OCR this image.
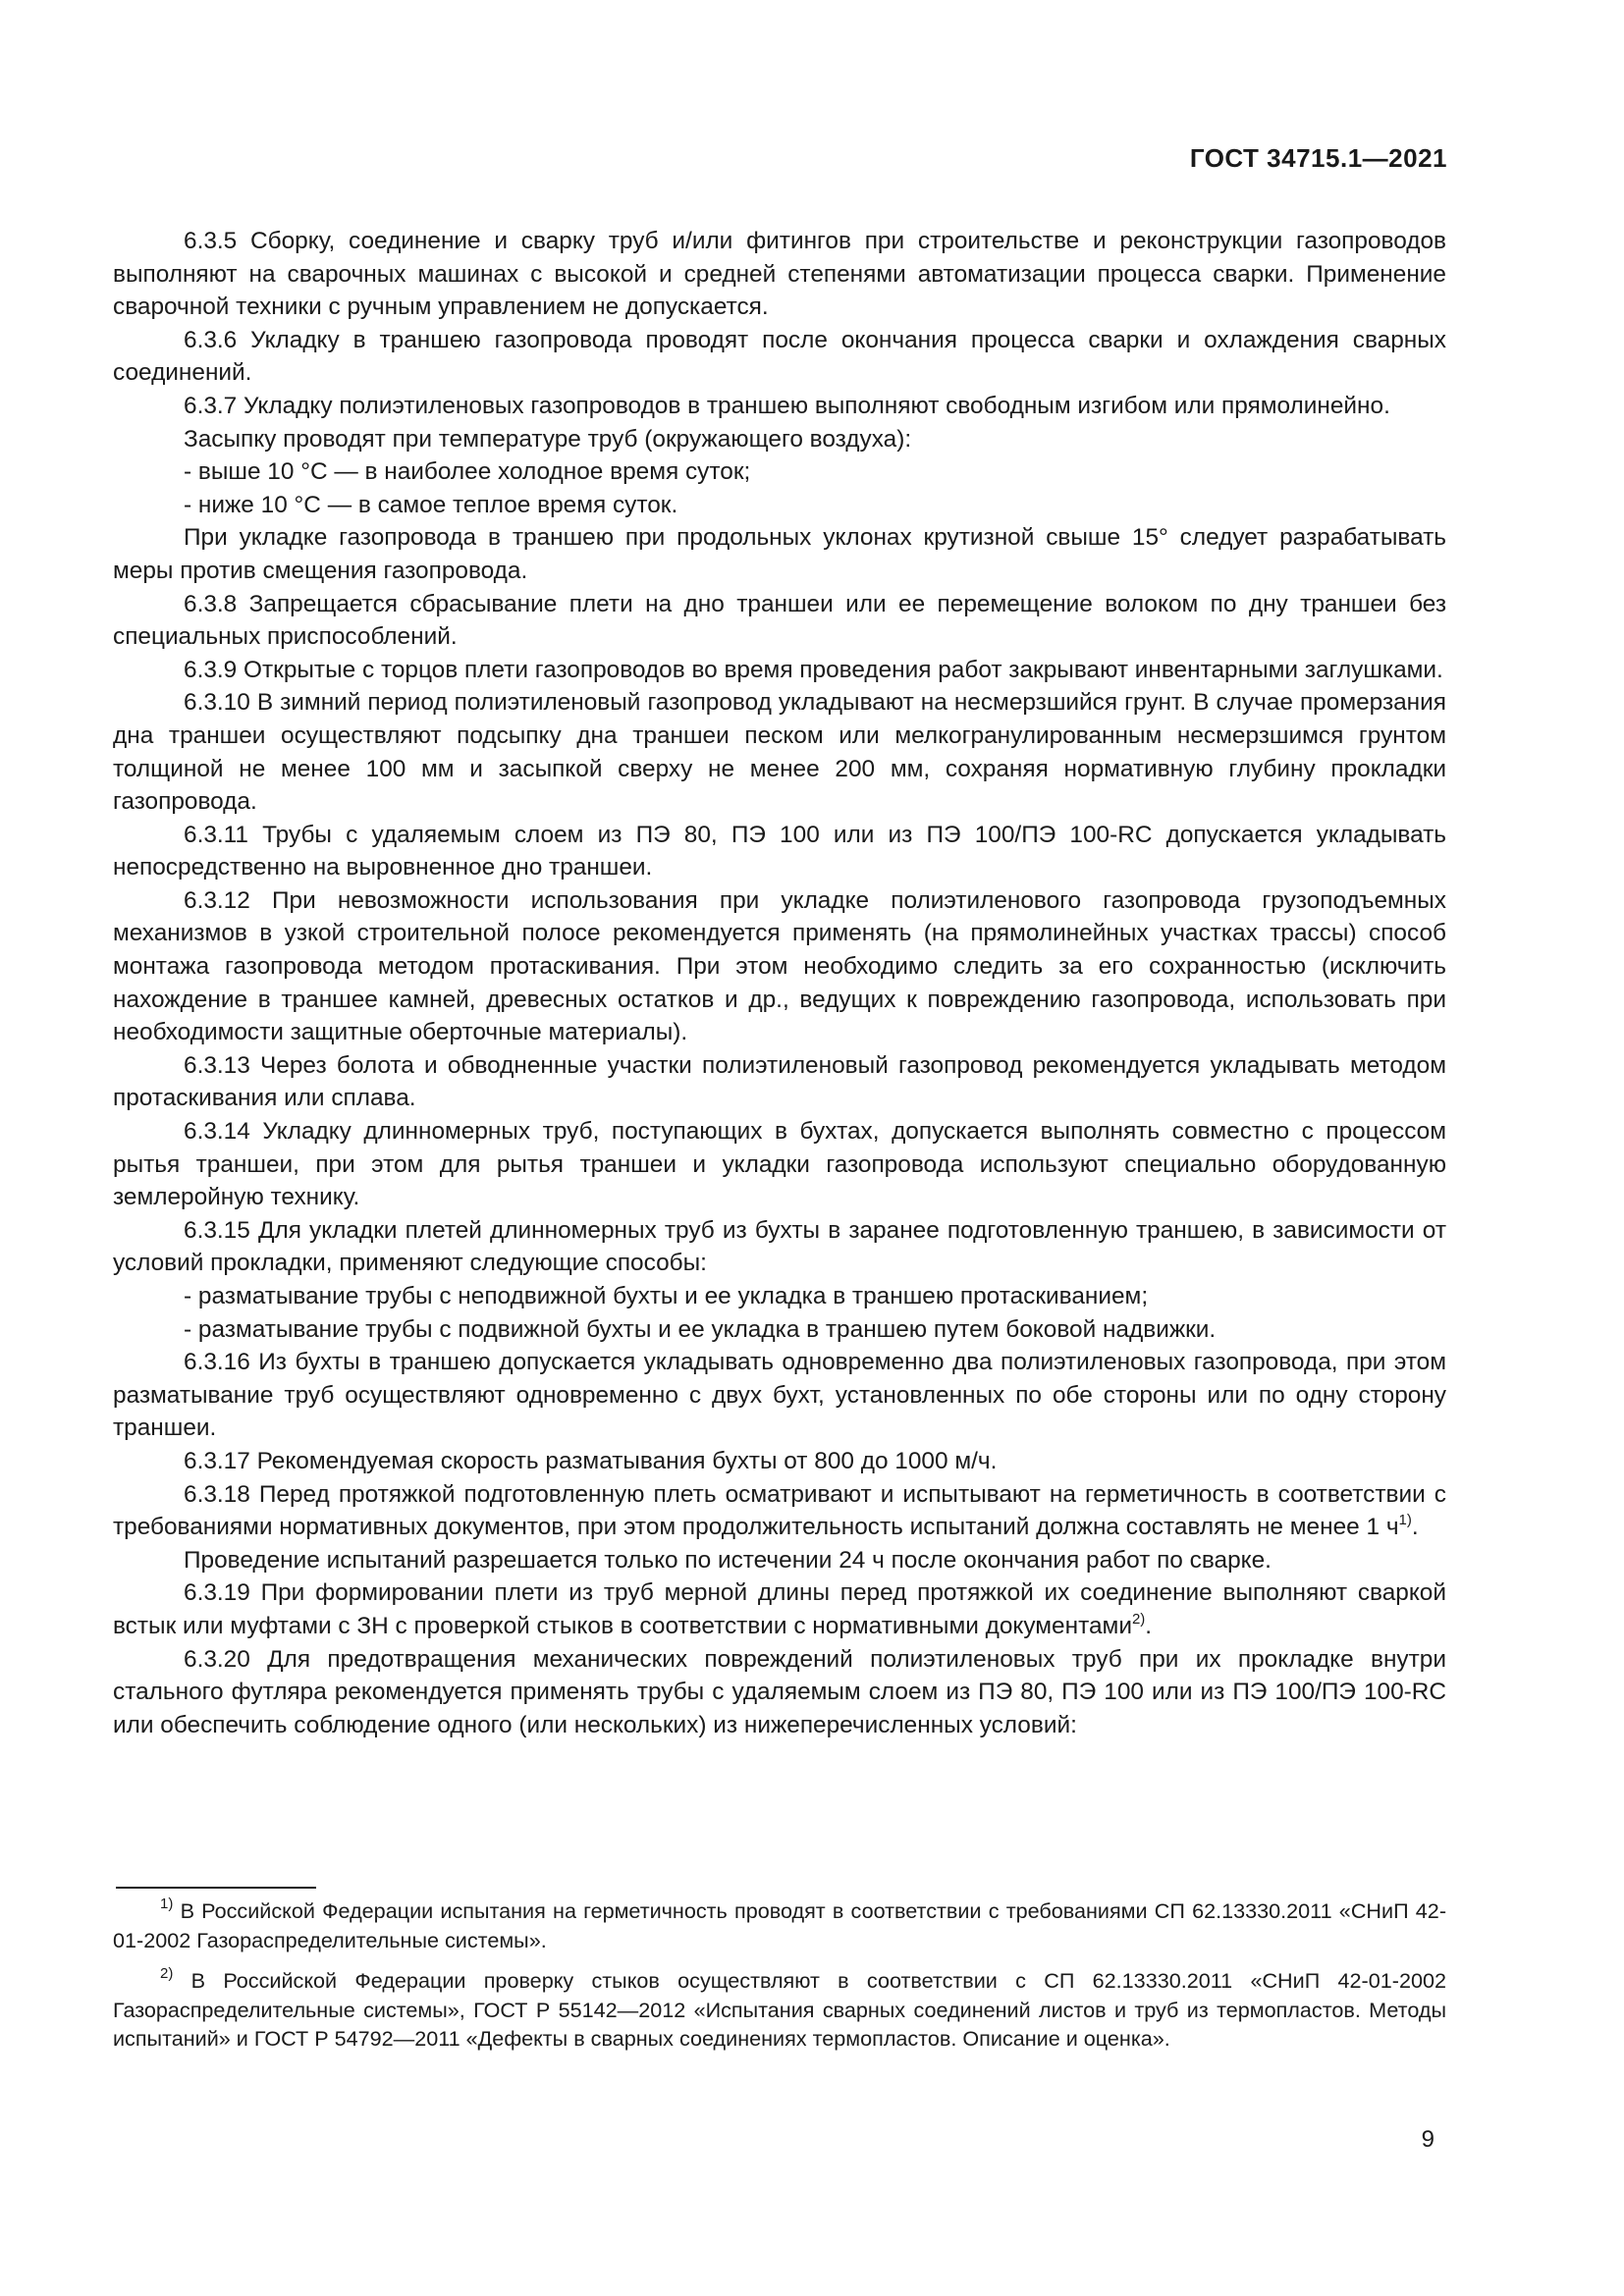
ГОСТ 34715.1—2021

6.3.5 Сборку, соединение и сварку труб и/или фитингов при строительстве и реконструкции газопроводов выполняют на сварочных машинах с высокой и средней степенями автоматизации процесса сварки. Применение сварочной техники с ручным управлением не допускается.

6.3.6 Укладку в траншею газопровода проводят после окончания процесса сварки и охлаждения сварных соединений.

6.3.7 Укладку полиэтиленовых газопроводов в траншею выполняют свободным изгибом или прямолинейно.

Засыпку проводят при температуре труб (окружающего воздуха):

- выше 10 °С — в наиболее холодное время суток;

- ниже 10 °С — в самое теплое время суток.

При укладке газопровода в траншею при продольных уклонах крутизной свыше 15° следует разрабатывать меры против смещения газопровода.

6.3.8 Запрещается сбрасывание плети на дно траншеи или ее перемещение волоком по дну траншеи без специальных приспособлений.

6.3.9 Открытые с торцов плети газопроводов во время проведения работ закрывают инвентарными заглушками.

6.3.10 В зимний период полиэтиленовый газопровод укладывают на несмерзшийся грунт. В случае промерзания дна траншеи осуществляют подсыпку дна траншеи песком или мелкогранулированным несмерзшимся грунтом толщиной не менее 100 мм и засыпкой сверху не менее 200 мм, сохраняя нормативную глубину прокладки газопровода.

6.3.11 Трубы с удаляемым слоем из ПЭ 80, ПЭ 100 или из ПЭ 100/ПЭ 100-RC допускается укладывать непосредственно на выровненное дно траншеи.

6.3.12 При невозможности использования при укладке полиэтиленового газопровода грузоподъемных механизмов в узкой строительной полосе рекомендуется применять (на прямолинейных участках трассы) способ монтажа газопровода методом протаскивания. При этом необходимо следить за его сохранностью (исключить нахождение в траншее камней, древесных остатков и др., ведущих к повреждению газопровода, использовать при необходимости защитные оберточные материалы).

6.3.13 Через болота и обводненные участки полиэтиленовый газопровод рекомендуется укладывать методом протаскивания или сплава.

6.3.14 Укладку длинномерных труб, поступающих в бухтах, допускается выполнять совместно с процессом рытья траншеи, при этом для рытья траншеи и укладки газопровода используют специально оборудованную землеройную технику.

6.3.15 Для укладки плетей длинномерных труб из бухты в заранее подготовленную траншею, в зависимости от условий прокладки, применяют следующие способы:

- разматывание трубы с неподвижной бухты и ее укладка в траншею протаскиванием;

- разматывание трубы с подвижной бухты и ее укладка в траншею путем боковой надвижки.

6.3.16 Из бухты в траншею допускается укладывать одновременно два полиэтиленовых газопровода, при этом разматывание труб осуществляют одновременно с двух бухт, установленных по обе стороны или по одну сторону траншеи.

6.3.17 Рекомендуемая скорость разматывания бухты от 800 до 1000 м/ч.

6.3.18 Перед протяжкой подготовленную плеть осматривают и испытывают на герметичность в соответствии с требованиями нормативных документов, при этом продолжительность испытаний должна составлять не менее 1 $ч^{1)}$.

Проведение испытаний разрешается только по истечении 24 ч после окончания работ по сварке.

6.3.19 При формировании плети из труб мерной длины перед протяжкой их соединение выполняют сваркой встык или муфтами с ЗН с проверкой стыков в соответствии с нормативными документами$^{2)}$.

6.3.20 Для предотвращения механических повреждений полиэтиленовых труб при их прокладке внутри стального футляра рекомендуется применять трубы с удаляемым слоем из ПЭ 80, ПЭ 100 или из ПЭ 100/ПЭ 100-RC или обеспечить соблюдение одного (или нескольких) из нижеперечисленных условий:

$^{1)}$ В Российской Федерации испытания на герметичность проводят в соответствии с требованиями СП 62.13330.2011 «СНиП 42-01-2002 Газораспределительные системы».

$^{2)}$ В Российской Федерации проверку стыков осуществляют в соответствии с СП 62.13330.2011 «СНиП 42-01-2002 Газораспределительные системы», ГОСТ Р 55142—2012 «Испытания сварных соединений листов и труб из термопластов. Методы испытаний» и ГОСТ Р 54792—2011 «Дефекты в сварных соединениях термопластов. Описание и оценка».

9
